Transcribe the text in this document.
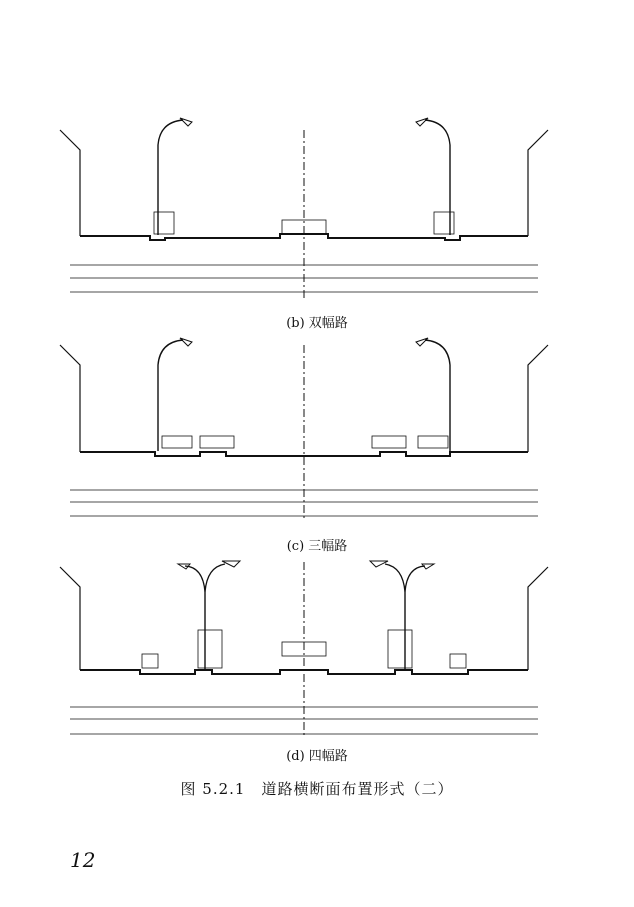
(b) 双幅路
(c) 三幅路
(d) 四幅路
图 5.2.1　道路横断面布置形式（二）
12
